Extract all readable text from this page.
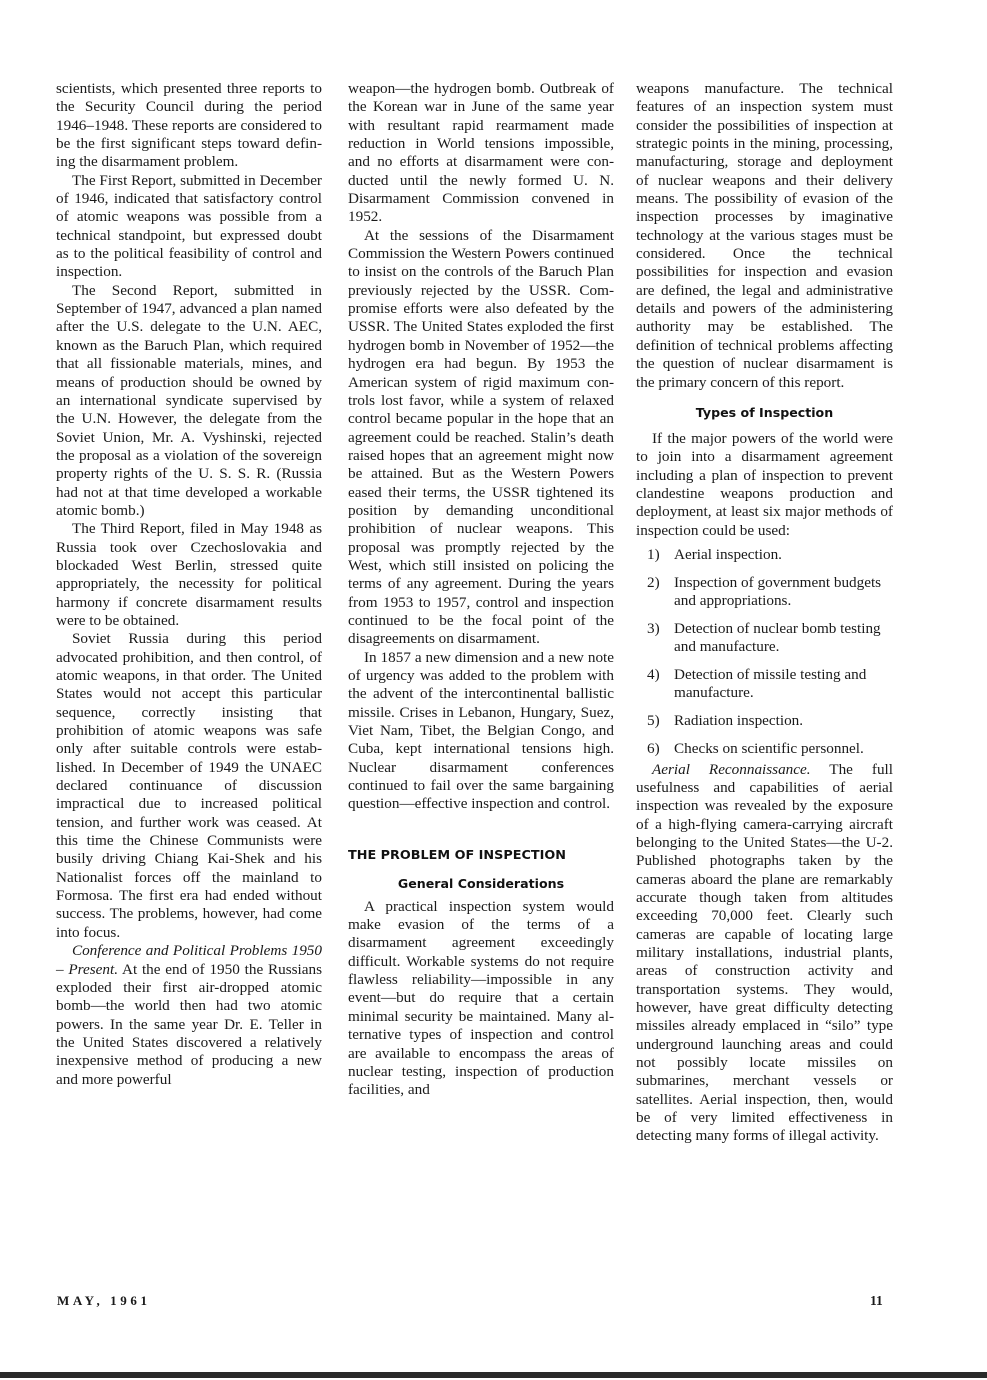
scientists, which presented three reports to the Security Council during the period 1946–1948. These reports are considered to be the first significant steps toward defining the disarmament problem.

The First Report, submitted in December of 1946, indicated that satisfactory control of atomic weapons was possible from a technical standpoint, but expressed doubt as to the political feasibility of control and inspection.

The Second Report, submitted in September of 1947, advanced a plan named after the U.S. delegate to the U.N. AEC, known as the Baruch Plan, which required that all fissionable materials, mines, and means of production should be owned by an international syndicate supervised by the U.N. However, the delegate from the Soviet Union, Mr. A. Vyshinski, rejected the proposal as a violation of the sovereign property rights of the U. S. S. R. (Russia had not at that time developed a workable atomic bomb.)

The Third Report, filed in May 1948 as Russia took over Czechoslovakia and blockaded West Berlin, stressed quite appropriately, the necessity for political harmony if concrete disarmament results were to be obtained.

Soviet Russia during this period advocated prohibition, and then control, of atomic weapons, in that order. The United States would not accept this particular sequence, correctly insisting that prohibition of atomic weapons was safe only after suitable controls were established. In December of 1949 the UNAEC declared continuance of discussion impractical due to increased political tension, and further work was ceased. At this time the Chinese Communists were busily driving Chiang Kai-Shek and his Nationalist forces off the mainland to Formosa. The first era had ended without success. The problems, however, had come into focus.

Conference and Political Problems 1950 – Present. At the end of 1950 the Russians exploded their first air-dropped atomic bomb—the world then had two atomic powers. In the same year Dr. E. Teller in the United States discovered a relatively inexpensive method of producing a new and more powerful

weapon—the hydrogen bomb. Outbreak of the Korean war in June of the same year with resultant rapid rearmament made reduction in World tensions impossible, and no efforts at disarmament were conducted until the newly formed U. N. Disarmament Commission convened in 1952.

At the sessions of the Disarmament Commission the Western Powers continued to insist on the controls of the Baruch Plan previously rejected by the USSR. Compromise efforts were also defeated by the USSR. The United States exploded the first hydrogen bomb in November of 1952—the hydrogen era had begun. By 1953 the American system of rigid maximum controls lost favor, while a system of relaxed control became popular in the hope that an agreement could be reached. Stalin’s death raised hopes that an agreement might now be attained. But as the Western Powers eased their terms, the USSR tightened its position by demanding unconditional prohibition of nuclear weapons. This proposal was promptly rejected by the West, which still insisted on policing the terms of any agreement. During the years from 1953 to 1957, control and inspection continued to be the focal point of the disagreements on disarmament.

In 1857 a new dimension and a new note of urgency was added to the problem with the advent of the intercontinental ballistic missile. Crises in Lebanon, Hungary, Suez, Viet Nam, Tibet, the Belgian Congo, and Cuba, kept international tensions high. Nuclear disarmament conferences continued to fail over the same bargaining question—effective inspection and control.

THE PROBLEM OF INSPECTION
General Considerations

A practical inspection system would make evasion of the terms of a disarmament agreement exceedingly difficult. Workable systems do not require flawless reliability—impossible in any event—but do require that a certain minimal security be maintained. Many alternative types of inspection and control are available to encompass the areas of nuclear testing, inspection of production facilities, and

weapons manufacture. The technical features of an inspection system must consider the possibilities of inspection at strategic points in the mining, processing, manufacturing, storage and deployment of nuclear weapons and their delivery means. The possibility of evasion of the inspection processes by imaginative technology at the various stages must be considered. Once the technical possibilities for inspection and evasion are defined, the legal and administrative details and powers of the administering authority may be established. The definition of technical problems affecting the question of nuclear disarmament is the primary concern of this report.

Types of Inspection

If the major powers of the world were to join into a disarmament agreement including a plan of inspection to prevent clandestine weapons production and deployment, at least six major methods of inspection could be used:

1) Aerial inspection.
2) Inspection of government budgets and appropriations.
3) Detection of nuclear bomb testing and manufacture.
4) Detection of missile testing and manufacture.
5) Radiation inspection.
6) Checks on scientific personnel.

Aerial Reconnaissance. The full usefulness and capabilities of aerial inspection was revealed by the exposure of a high-flying camera-carrying aircraft belonging to the United States—the U-2. Published photographs taken by the cameras aboard the plane are remarkably accurate though taken from altitudes exceeding 70,000 feet. Clearly such cameras are capable of locating large military installations, industrial plants, areas of construction activity and transportation systems. They would, however, have great difficulty detecting missiles already emplaced in “silo” type underground launching areas and could not possibly locate missiles on submarines, merchant vessels or satellites. Aerial inspection, then, would be of very limited effectiveness in detecting many forms of illegal activity.

MAY, 1961	11
